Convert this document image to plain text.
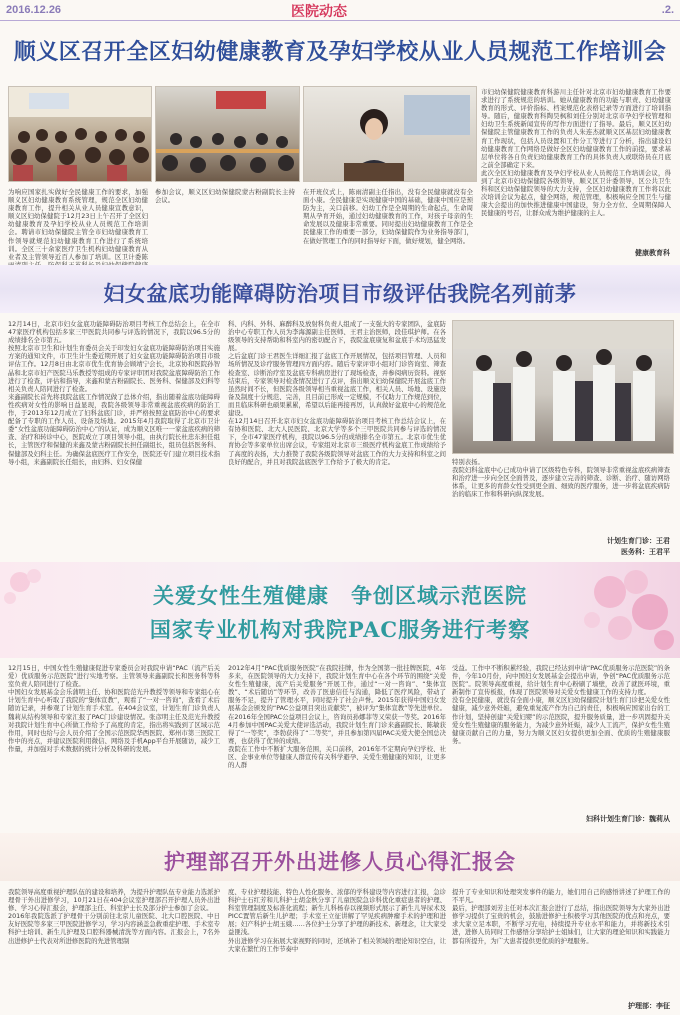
2016.12.26	医院动态	.2.
顺义区召开全区妇幼健康教育及孕妇学校从业人员规范工作培训会
为响应国家扎实做好全民健康工作的要求，加强顺义区妇幼健康教育系统管理，规范全区妇幼健康教育工作，提升相关从业人员健康宣教意识，顺义区妇幼保健院于12月23日上午召开了全区妇幼健康教育及孕妇学校从业人员规范工作培训会。聘请市妇幼保健院主管全市妇幼健康教育工作领导就规范妇幼健康教育工作进行了系统培训。全区三十余家医疗卫生机构妇幼健康教育从业者及主管领导近百人参加了培训。区卫计委陈
参加会议，顺义区妇幼保健院蒙古粉副院长主持会议。
在开班仪式上，陈雨清副主任指出，没有全民健康就没有全面小康。全民健康是实现健康中国的基础，健康中国应是预防为主，关口前移。妇幼工作是全周期的生命起点，生命周期从孕育开始，通过妇幼健康教育的工作，对孩子母亲的生命发展以及健康非常重要。同时提出妇幼健康教育工作是全民健康工作的重要一部分，妇幼保健院作为业务指导部门，在做好管理工作的同时指导好下面，做好规划，健全网络。
市妇幼保健院健康教育科游川主任针对北京市妇幼健康教育工作要求进行了系统规范的培训。她从健康教育的功能与职责、妇幼健康教育的形式、评价指标、档案规范化表格记录等方面进行了培训指导。随后，健康教育科陶昊枫和刘佳分别对北京市孕妇学校管理和妇幼卫生系统新闻宣传的写作方面进行了指导。最后，顺义区妇幼保健院主管健康教育工作的负责人朱连杰就顺义区基层妇幼健康教育工作现状，包括人员设置和工作分工等进行了分析，指出建设妇幼健康教育工作网络是做好全区妇幼健康教育工作的前提，要求基层单位将各自负责妇幼健康教育工作的具体负责人或联络员在月底之前全部确定下来。
此次全区妇幼健康教育及孕妇学校从业人员规范工作培训会议，得到了北京市妇幼保健院各级领导，顺义区卫计委领导，区公共卫生科和区妇幼保健院领导的大力支持，全区妇幼健康教育工作将以此次培训会议为起点，健全网络，规范管理，积极响应全国卫生与健康大会提出的加快推进健康中国建设，努力全方位、全周期保障人民健康的号召，让群众成为维护健康的主人。
健康教育科
妇女盆底功能障碍防治项目市级评估我院名列前茅
12月14日，北京市妇女盆底功能障碍防治项目考核工作总结会上，在全市47家医疗机构包括多家三甲医院共同参与评选的情况下，我院以96.5分的成绩排名全市第五。
按照北京市卫生和计划生育委员会关于印发妇女盆底功能障碍防治项目实施方案的通知文件，市卫生计生委近期开展了妇女盆底功能障碍防治项目市级评估工作。12月8日由北京市优生优育协会顾靖宁会长，北京协和医院孙智晶和北京市妇产医院马乐教授等组成的专家评审团对我院盆底障碍防治工作进行了检查，评估和指导，来鑫和蒙古粉副院长、医务科、保健部及妇科等相关负责人陪同进行了检查。
来鑫副院长首先将我院盆底工作情况做了总体介绍，指出随着盆底功能障碍性疾病对女性的影响日益显现，我院各级领导非常重视盆底疾病的防治工作，于2013年12月成立了妇科盆底门诊，并严格按照盆底防治中心的要求配备了专职的工作人员、设备及场地。2015年4月我院取得了北京市卫计委“女性盆底功能障碍防治中心”的认证，成为顺义区唯一一家盆底疾病的筛查、治疗和转诊中心，医院成立了项目领导小组，由执行院长杜忠东担任组长，主管医疗和保健的来鑫及蒙古粉副院长担任副组长，组员包括医务科、保健部及妇科主任。为确保盆底医疗工作安全，医院还专门建立项目技术指导小组，来鑫副院长任组长，由妇科、妇女保健
科、内科、外科、麻醉科及放射科负责人组成了一支强大的专家团队，盆底防治中心专职工作人员为李海源副主任医师、王君主治医师，段佳琪护师。在各级领导的支持帮助和科室内的密切配合下，我院盆底康复和盆底手术均迅猛发展。
之后盆底门诊王君医生详细汇报了盆底工作开展情况，包括项目管理、人员和场所情况及诊疗服务管理四方面内容。随后专家评审小组对门诊咨询室、筛查检查室、诊断治疗室及盆底专科病房进行了现场检查，并参阅病历资料。视察结束后，专家领导对检查情况进行了点评，指出顺义妇幼保健院开展盆底工作虽然时间不长，但医院各级领导相当重视盆底工作，相关人员、场地、设施设备及制度十分规范、完善，且目前已形成一定规模，不仅助力工作规范到位，而且临床科研也硕果累累，希望以后能再接再厉，认真做好盆底中心的规范化建设。
在12月14日召开北京市妇女盆底功能障碍防治项目考核工作总结会议上，在有协和医院、北大人民医院、北京大学等多个三甲医院共同参与评选的情况下，全市47家医疗机构，我院以96.5分的成绩排名全市第五。北京市优生优育协会等多家单位出席会议，专家组对北京市三级医疗机构盆底工作成绩给予了高度的表扬，大力推赞了我院各级院领导对盆底工作的大力支持和科室之间良好的配合，并且对我院盆底医学工作给予了极大的肯定。	特别表扬。
我院妇科盆底中心已成功申请了区级特色专科，院领导非常重视盆底疾病筛查和治疗进一步向全区全面普及，逐步建立完善的筛查、诊断、治疗、随访网络体系，让更多的育龄女性受到更全面、细致的医疗服务，进一步将盆底疾病防治的临床工作和科研向纵深发展。
计划生育门诊：王君
医务科：王君平
关爱女性生殖健康　争创区域示范医院
国家专业机构对我院PAC服务进行考察
12月15日，中国女性生殖健康促进专家委员会对我院申请“PAC（流产后关爱）优质服务示范医院”进行实地考察。主管领导来鑫副院长和医务科等科室负责人陪同进行了检查。
中国妇女发展基金会乐蒲明主任、协和医院范光升教授等领导和专家组心在计划生育中心听取了我院的“集体宣教”，观看了“一对一咨询”，查看了术后随访记录，并参观了计划生育手术室。在404会议室，计划生育门诊负责人魏莉从结构领导和专家汇报了PAC门诊建设情况。张彦明主任及范光升教授对我院计划生育中心所做工作给予了高度的肯定，指出将实践到了区域示范作用，同时也给与会人员介绍了全国示范医院华西医院、郑州市第三医院工作中的亮点，并建议医院利用微信、网络及手机App平台开展随访，减少工作量，并加强对手术数据的统计分析及科研的发展。
2012年4月“PAC优质服务医院”在我院挂牌，作为全国第一批挂牌医院，4年多来，在医院领导的大力支持下，我院计划生育中心在各个环节的围绕“关爱女性生殖健康，流产后关爱服务”开展工作，通过“一对一咨询”、“集体宣教”、“术后随访”等环节，改善了医患信任与沟通，降低了医疗风险，带动了服务不足，提升了管理水平，同时提升了社会声誉。2015年获得中国妇女发展基金会颁发的“PAC公益项目突出贡献奖”，被评为“集体宣教”等先进单位。在2016年全国PAC公益项目会议上，咨询员孙娜菲等又荣获一等奖。2016年4月参加中国PAC关爱大使评选活动，我院计划生育门诊来鑫副院长、陈敏获得了“一等奖”，李勃获得了“二等奖”，并且参加第四届PAC关爱大使全国总决赛，也获得了优异的成绩。
我院在工作中不断扩大服务范围，关口前移，2016年不定期向孕妇学校、社区、企事业单位等健康人群宣传有关科学避孕、关爱生殖健康的知识，让更多的人群
受益。工作中不断积累经验，我院已经达到申请“PAC优质服务示范医院”的条件，今年10月份，向中国妇女发展基金会提出申请，争创“PAC优质服务示范医院”。院领导高度重视，给计划生育中心粉刷了墙壁，改善了就医环境，重新制作了宣传板报，体现了医院领导对关爱女性健康工作的支持力度。
没有全民健康，就没有全面小康，顺义区妇幼保健院计划生育门诊把关爱女性健康，减少意外妊娠，避免重复流产作为自己的责任，积极响应国家出台的工作计划，坚持创建“关爱妇婴”的示范医院，提升服务质量，进一步巩固提升关爱女性生殖健康的服务能力，为减少意外妊娠，减少人工流产，保护女性生殖健康贡献自己的力量，努力为顺义区妇女提供更加全面、优质的生殖健康服务。
妇科计划生育门诊：魏莉从
护理部召开外出进修人员心得汇报会
我院领导高度重视护理队伍的建设和培养，为提升护理队伍专业能力选派护理骨干外出进修学习，10月21日在404会议室护理部召开护理人员外出进修、学习心得汇报会，护理部主任、科室护士长及部分护士参加了会议。
2016年我院选派了护理骨干分别前往北京儿童医院、北大口腔医院、中日友好医院等多家三甲医院进修学习，学习内容涵盖急救重症护理、手术室专科护士培训、新生儿护理及口腔科器械清洗等方面内容。汇报会上，7名外出进修护士代表对所进修医院的先进管理制
度、专业护理技能、特色人性化服务、浓郁的学科建设等内容进行汇报，急诊科护士石红芳和儿科护士胡金秋分享了儿童医院急诊科优化重症患者的护理、科室管理制度及标准化流程；新生儿科杨春以视频形式展示了新生儿导尿术及PICC置管后新生儿护理；手术室王立征讲解了罕见疾病肿瘤手术的护理和进展；妇产科护士胡玉娥……各位护士分享了护理的新技术、新理念，让大家受益匪浅。
外出进修学习在拓展大家视野的同时，还填补了相关领域的理论知识空白，让大家在繁忙的工作节奏中
提升了专业知识和处理突发事件的能力，她们用自己的感悟讲述了护理工作的不平凡。
最后，护理部刘芳主任对本次汇报会进行了总结，指出医院领导为大家外出进修学习提供了宝贵的机会，鼓励进修护士积极学习其他医院的优点和亮点，要求大家立足本职，不断学习充电，持续提升专业水平和能力，并将新技术引进，进修人员同时工作感悟分享给护士姐妹们，让大家的理论知识和实践能力都有所提升，为广大患者提供更优质的护理服务。
护理部：李征
